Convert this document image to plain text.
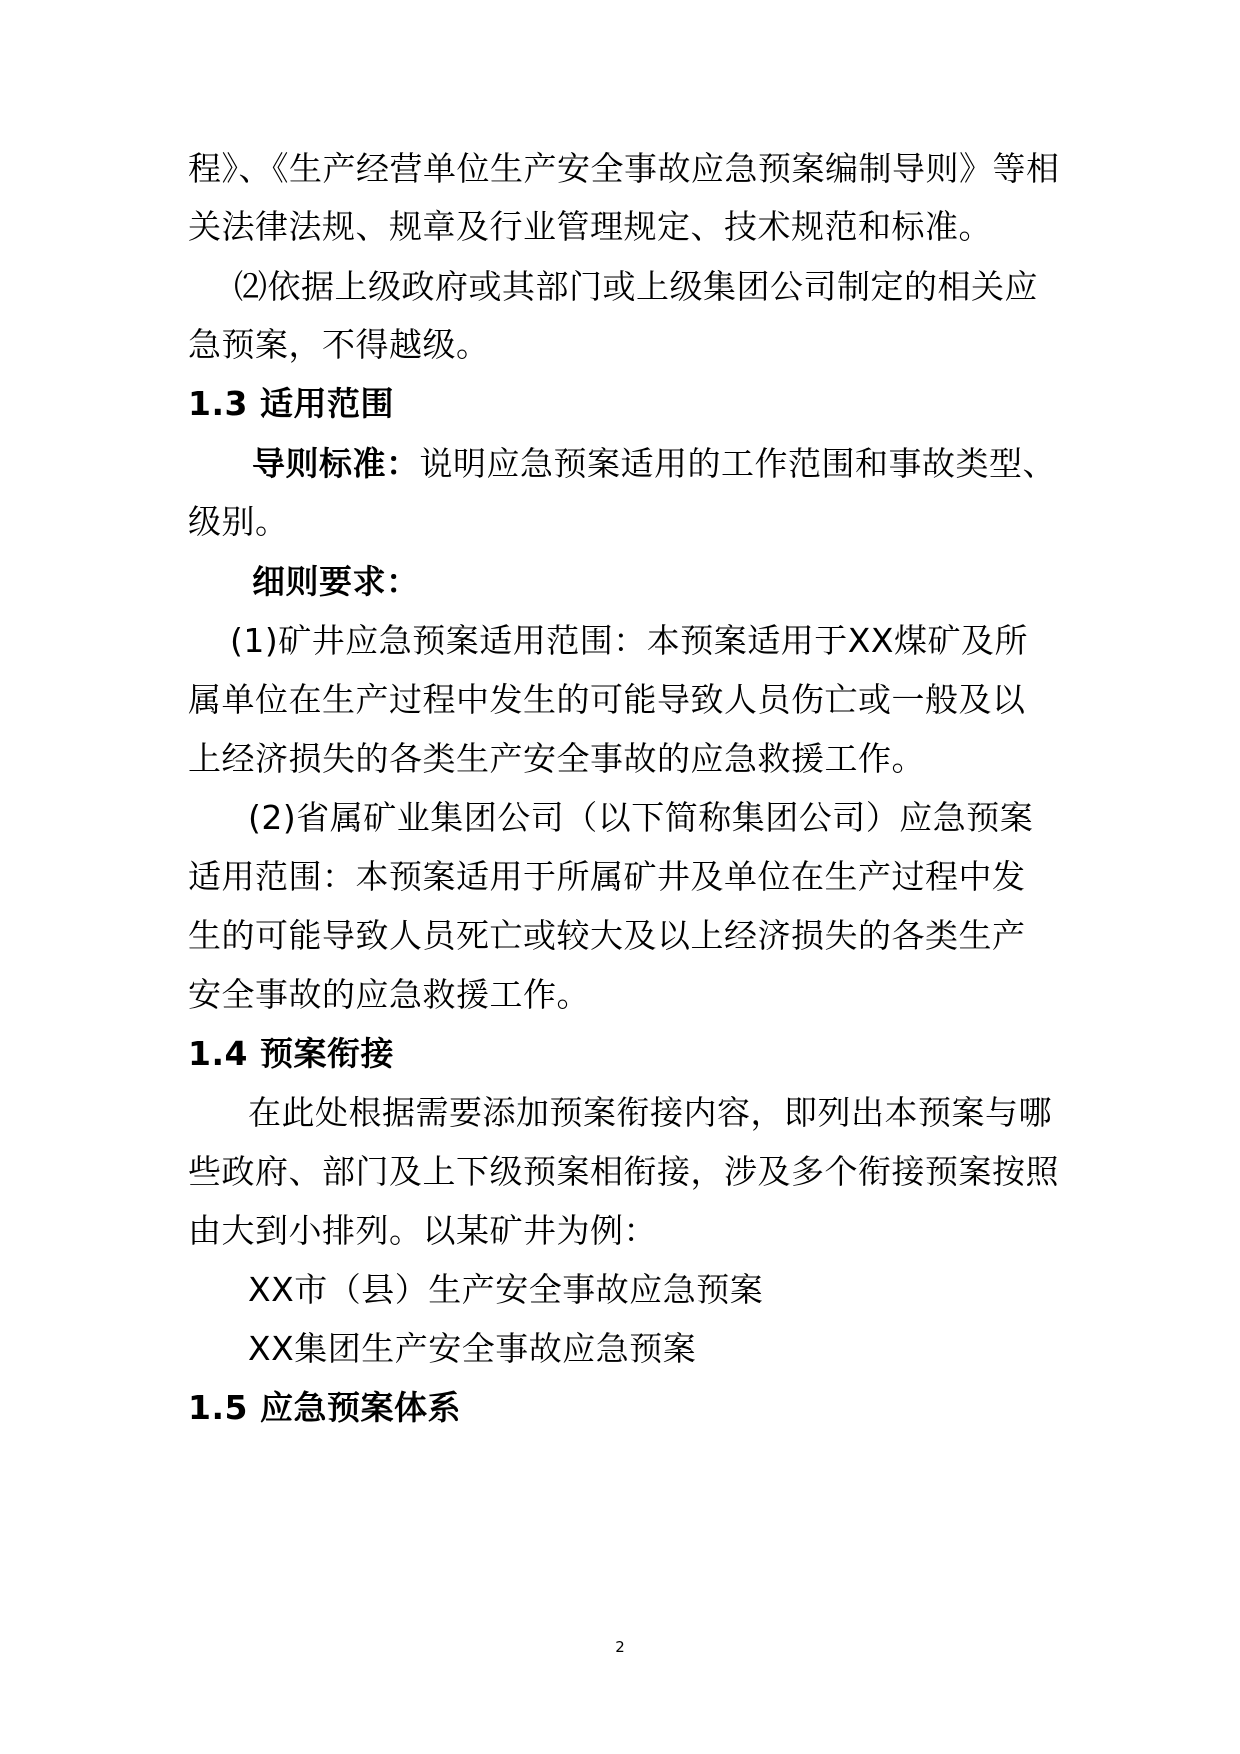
程》、《生产经营单位生产安全事故应急预案编制导则》等相
关法律法规、规章及行业管理规定、技术规范和标准。
⑵依据上级政府或其部门或上级集团公司制定的相关应
急预案，不得越级。
1.3 适用范围
导则标准：说明应急预案适用的工作范围和事故类型、
级别。
细则要求：
(1)矿井应急预案适用范围：本预案适用于XX煤矿及所
属单位在生产过程中发生的可能导致人员伤亡或一般及以
上经济损失的各类生产安全事故的应急救援工作。
(2)省属矿业集团公司（以下简称集团公司）应急预案
适用范围：本预案适用于所属矿井及单位在生产过程中发
生的可能导致人员死亡或较大及以上经济损失的各类生产
安全事故的应急救援工作。
1.4 预案衔接
在此处根据需要添加预案衔接内容，即列出本预案与哪
些政府、部门及上下级预案相衔接，涉及多个衔接预案按照
由大到小排列。以某矿井为例：
XX市（县）生产安全事故应急预案
XX集团生产安全事故应急预案
1.5 应急预案体系
2
